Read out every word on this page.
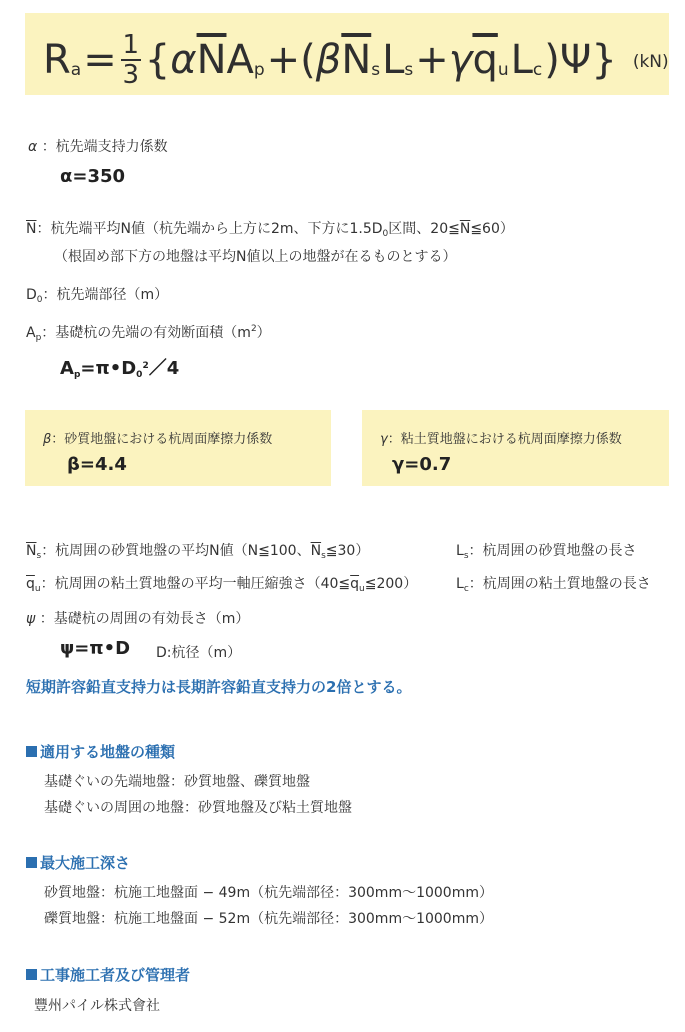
R $a = \frac{1}{3}$ { α $\overline{N}$ A p +( β $\overline{N}$ s L s + γ $\overline{q}$ u L c )Ψ} (kN)
α ：杭先端支持力係数
α=350
$\overline{N}$：杭先端平均N値（杭先端から上方に2m、下方に$1.5D_0$区間、$20≦\overline{N}≦60$）
（根固め部下方の地盤は平均N値以上の地盤が在るものとする）
$D_0$：杭先端部径（m）
$A_p$：基礎杭の先端の有効断面積$(m^2)$
$Ap=\pi•D0^2/4$
β：砂質地盤における杭周面摩擦力係数
β=4.4
γ：粘土質地盤における杭周面摩擦力係数
γ=0.7
$\overline{N}_s$：杭周囲の砂質地盤の平均N値（N≦100、$\overline{N}_s≦30$）	$L_s$：杭周囲の砂質地盤の長さ
$\overline{q}_u$：杭周囲の粘土質地盤の平均一軸圧縮強さ$(40≦\overline{q}_u≦200)$	$L_c$：杭周囲の粘土質地盤の長さ
ψ ：基礎杭の周囲の有効長さ（m）
ψ=π•D D:杭径（m）
短期許容鉛直支持力は長期許容鉛直支持力の2倍とする。
適用する地盤の種類
基礎ぐいの先端地盤：砂質地盤、礫質地盤
基礎ぐいの周囲の地盤：砂質地盤及び粘土質地盤
最大施工深さ
砂質地盤：杭施工地盤面 − 49m（杭先端部径：300mm〜1000mm）
礫質地盤：杭施工地盤面 − 52m（杭先端部径：300mm〜1000mm）
工事施工者及び管理者
豐州パイル株式會社
